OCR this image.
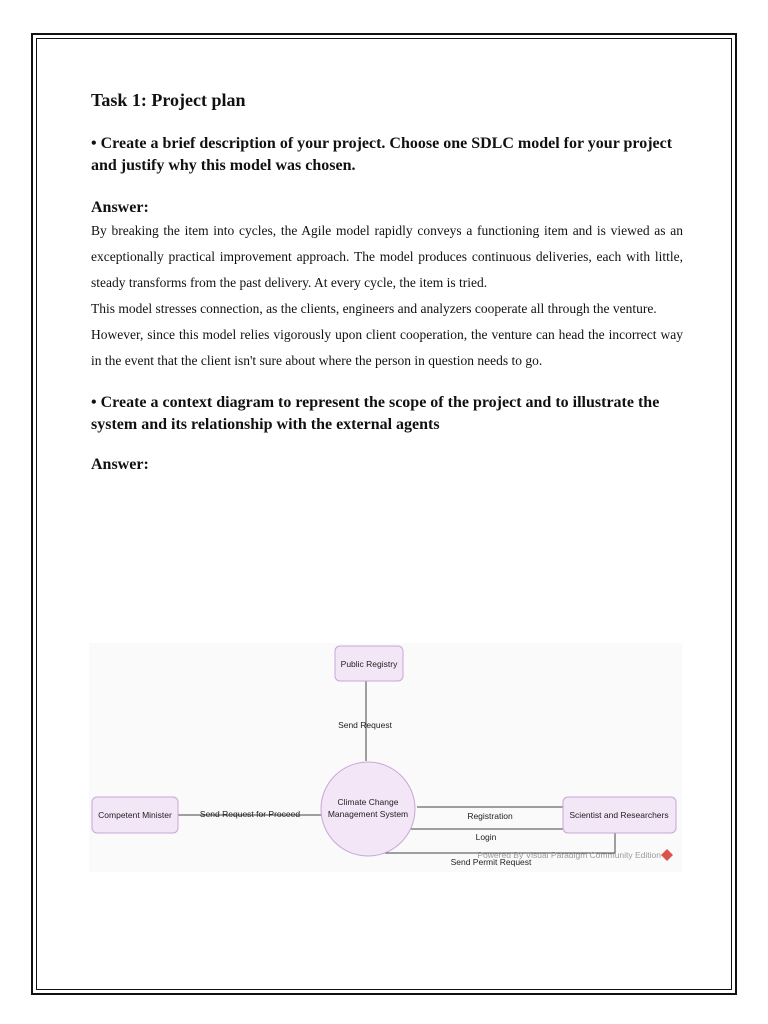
Task 1: Project plan

• Create a brief description of your project. Choose one SDLC model for your project and justify why this model was chosen.

Answer:

By breaking the item into cycles, the Agile model rapidly conveys a functioning item and is viewed as an exceptionally practical improvement approach. The model produces continuous deliveries, each with little, steady transforms from the past delivery. At every cycle, the item is tried.

This model stresses connection, as the clients, engineers and analyzers cooperate all through the venture.

However, since this model relies vigorously upon client cooperation, the venture can head the incorrect way in the event that the client isn't sure about where the person in question needs to go.

• Create a context diagram to represent the scope of the project and to illustrate the system and its relationship with the external agents

Answer:

Public Registry
Climate Change
Management System
Competent Minister	Scientist and Researchers
Send Request
Send Request for Proceed	Registration
Login
Send Permit Request
Powered By Visual Paradigm Community Edition
